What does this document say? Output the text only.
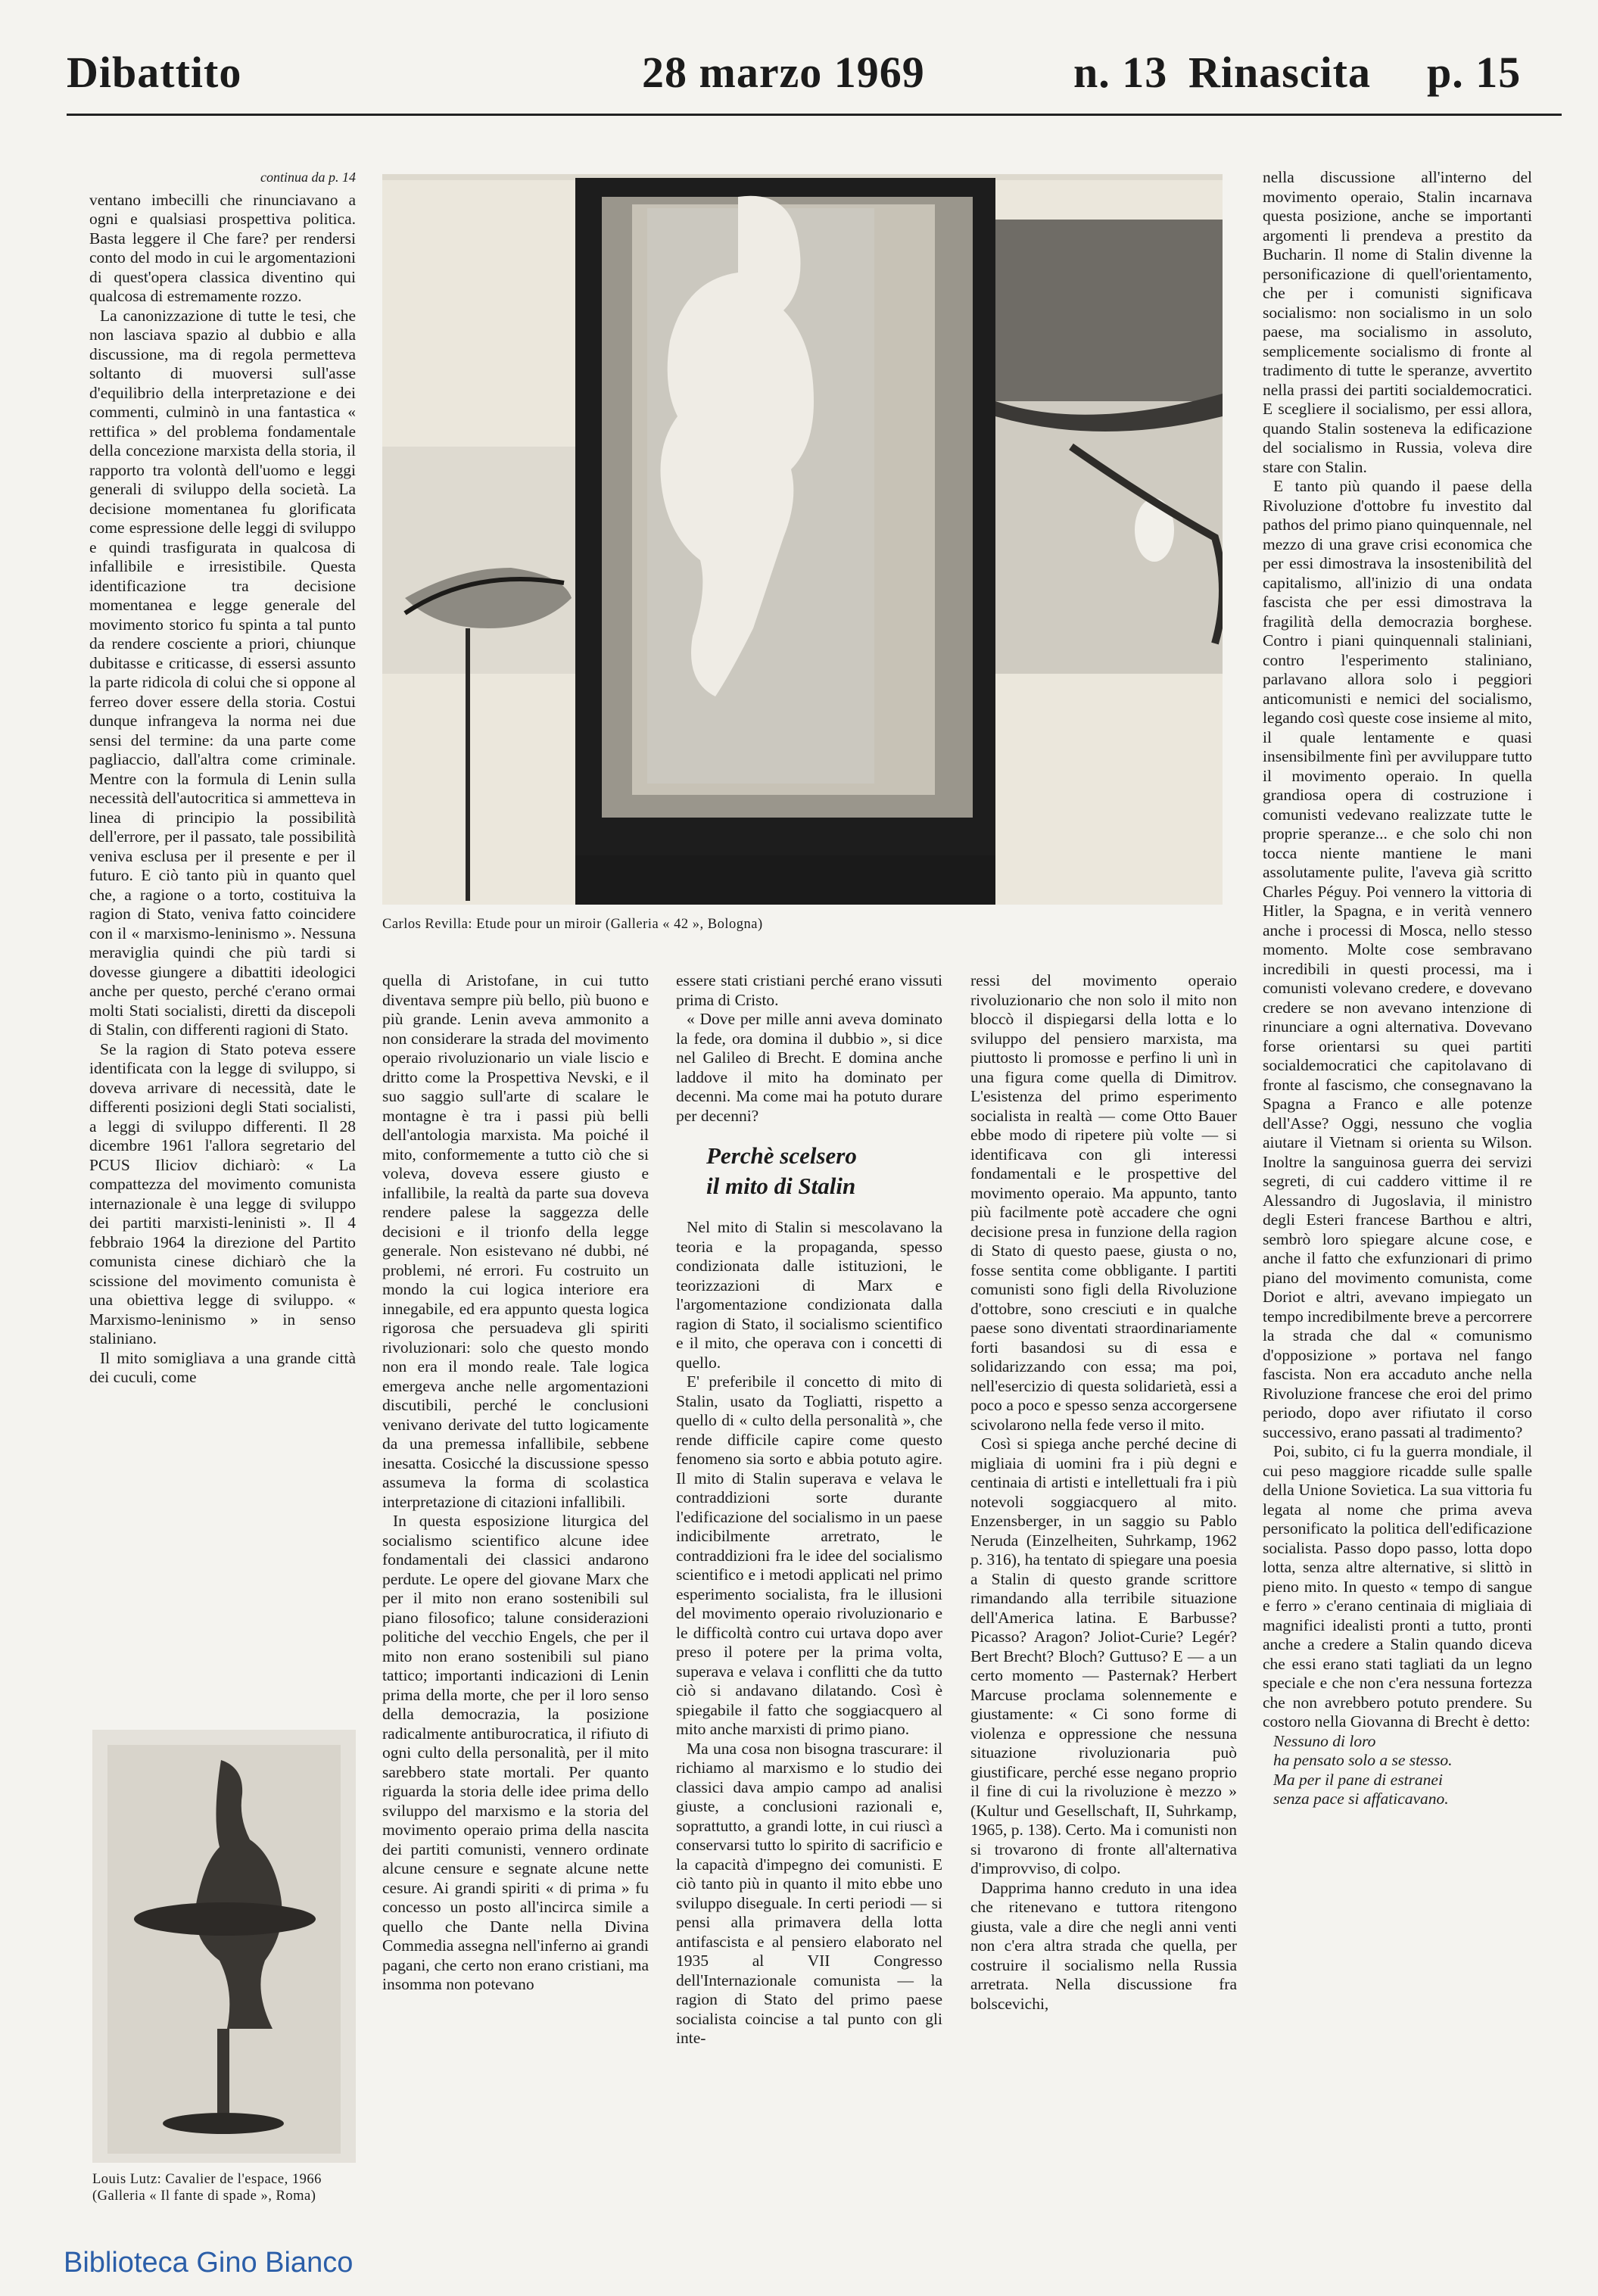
Dibattito	28 marzo 1969	n. 13 Rinascita p. 15
continua da p. 14

ventano imbecilli che rinunciavano a ogni e qualsiasi prospettiva politica. Basta leggere il Che fare? per rendersi conto del modo in cui le argomentazioni di quest'opera classica diventino qui qualcosa di estremamente rozzo.

La canonizzazione di tutte le tesi, che non lasciava spazio al dubbio e alla discussione, ma di regola permetteva soltanto di muoversi sull'asse d'equilibrio della interpretazione e dei commenti, culminò in una fantastica « rettifica » del problema fondamentale della concezione marxista della storia, il rapporto tra volontà dell'uomo e leggi generali di sviluppo della società. La decisione momentanea fu glorificata come espressione delle leggi di sviluppo e quindi trasfigurata in qualcosa di infallibile e irresistibile. Questa identificazione tra decisione momentanea e legge generale del movimento storico fu spinta a tal punto da rendere cosciente a priori, chiunque dubitasse e criticasse, di essersi assunto la parte ridicola di colui che si oppone al ferreo dover essere della storia. Costui dunque infrangeva la norma nei due sensi del termine: da una parte come pagliaccio, dall'altra come criminale. Mentre con la formula di Lenin sulla necessità dell'autocritica si ammetteva in linea di principio la possibilità dell'errore, per il passato, tale possibilità veniva esclusa per il presente e per il futuro. E ciò tanto più in quanto quel che, a ragione o a torto, costituiva la ragion di Stato, veniva fatto coincidere con il « marxismo-leninismo ». Nessuna meraviglia quindi che più tardi si dovesse giungere a dibattiti ideologici anche per questo, perché c'erano ormai molti Stati socialisti, diretti da discepoli di Stalin, con differenti ragioni di Stato.

Se la ragion di Stato poteva essere identificata con la legge di sviluppo, si doveva arrivare di necessità, date le differenti posizioni degli Stati socialisti, a leggi di sviluppo differenti. Il 28 dicembre 1961 l'allora segretario del PCUS Iliciov dichiarò: « La compattezza del movimento comunista internazionale è una legge di sviluppo dei partiti marxisti-leninisti ». Il 4 febbraio 1964 la direzione del Partito comunista cinese dichiarò che la scissione del movimento comunista è una obiettiva legge di sviluppo. « Marxismo-leninismo » in senso staliniano.

Il mito somigliava a una grande città dei cuculi, come

Louis Lutz: Cavalier de l'espace, 1966 (Galleria « Il fante di spade », Roma)
Carlos Revilla: Etude pour un miroir (Galleria « 42 », Bologna)

quella di Aristofane, in cui tutto diventava sempre più bello, più buono e più grande. Lenin aveva ammonito a non considerare la strada del movimento operaio rivoluzionario un viale liscio e dritto come la Prospettiva Nevski, e il suo saggio sull'arte di scalare le montagne è tra i passi più belli dell'antologia marxista. Ma poiché il mito, conformemente a tutto ciò che si voleva, doveva essere giusto e infallibile, la realtà da parte sua doveva rendere palese la saggezza delle decisioni e il trionfo della legge generale. Non esistevano né dubbi, né problemi, né errori. Fu costruito un mondo la cui logica interiore era innegabile, ed era appunto questa logica rigorosa che persuadeva gli spiriti rivoluzionari: solo che questo mondo non era il mondo reale. Tale logica emergeva anche nelle argomentazioni discutibili, perché le conclusioni venivano derivate del tutto logicamente da una premessa infallibile, sebbene inesatta. Cosicché la discussione spesso assumeva la forma di scolastica interpretazione di citazioni infallibili.

In questa esposizione liturgica del socialismo scientifico alcune idee fondamentali dei classici andarono perdute. Le opere del giovane Marx che per il mito non erano sostenibili sul piano filosofico; talune considerazioni politiche del vecchio Engels, che per il mito non erano sostenibili sul piano tattico; importanti indicazioni di Lenin prima della morte, che per il loro senso della democrazia, la posizione radicalmente antiburocratica, il rifiuto di ogni culto della personalità, per il mito sarebbero state mortali. Per quanto riguarda la storia delle idee prima dello sviluppo del marxismo e la storia del movimento operaio prima della nascita dei partiti comunisti, vennero ordinate alcune censure e segnate alcune nette cesure. Ai grandi spiriti « di prima » fu concesso un posto all'incirca simile a quello che Dante nella Divina Commedia assegna nell'inferno ai grandi pagani, che certo non erano cristiani, ma insomma non potevano

essere stati cristiani perché erano vissuti prima di Cristo.

« Dove per mille anni aveva dominato la fede, ora domina il dubbio », si dice nel Galileo di Brecht. E domina anche laddove il mito ha dominato per decenni. Ma come mai ha potuto durare per decenni?

Perchè scelsero
il mito di Stalin

Nel mito di Stalin si mescolavano la teoria e la propaganda, spesso condizionata dalle istituzioni, le teorizzazioni di Marx e l'argomentazione condizionata dalla ragion di Stato, il socialismo scientifico e il mito, che operava con i concetti di quello.

E' preferibile il concetto di mito di Stalin, usato da Togliatti, rispetto a quello di « culto della personalità », che rende difficile capire come questo fenomeno sia sorto e abbia potuto agire. Il mito di Stalin superava e velava le contraddizioni sorte durante l'edificazione del socialismo in un paese indicibilmente arretrato, le contraddizioni fra le idee del socialismo scientifico e i metodi applicati nel primo esperimento socialista, fra le illusioni del movimento operaio rivoluzionario e le difficoltà contro cui urtava dopo aver preso il potere per la prima volta, superava e velava i conflitti che da tutto ciò si andavano dilatando. Così è spiegabile il fatto che soggiacquero al mito anche marxisti di primo piano.

Ma una cosa non bisogna trascurare: il richiamo al marxismo e lo studio dei classici dava ampio campo ad analisi giuste, a conclusioni razionali e, soprattutto, a grandi lotte, in cui riuscì a conservarsi tutto lo spirito di sacrificio e la capacità d'impegno dei comunisti. E ciò tanto più in quanto il mito ebbe uno sviluppo diseguale. In certi periodi — si pensi alla primavera della lotta antifascista e al pensiero elaborato nel 1935 al VII Congresso dell'Internazionale comunista — la ragion di Stato del primo paese socialista coincise a tal punto con gli inte-

ressi del movimento operaio rivoluzionario che non solo il mito non bloccò il dispiegarsi della lotta e lo sviluppo del pensiero marxista, ma piuttosto li promosse e perfino li unì in una figura come quella di Dimitrov. L'esistenza del primo esperimento socialista in realtà — come Otto Bauer ebbe modo di ripetere più volte — si identificava con gli interessi fondamentali e le prospettive del movimento operaio. Ma appunto, tanto più facilmente potè accadere che ogni decisione presa in funzione della ragion di Stato di questo paese, giusta o no, fosse sentita come obbligante. I partiti comunisti sono figli della Rivoluzione d'ottobre, sono cresciuti e in qualche paese sono diventati straordinariamente forti basandosi su di essa e solidarizzando con essa; ma poi, nell'esercizio di questa solidarietà, essi a poco a poco e spesso senza accorgersene scivolarono nella fede verso il mito.

Così si spiega anche perché decine di migliaia di uomini fra i più degni e centinaia di artisti e intellettuali fra i più notevoli soggiacquero al mito. Enzensberger, in un saggio su Pablo Neruda (Einzelheiten, Suhrkamp, 1962 p. 316), ha tentato di spiegare una poesia a Stalin di questo grande scrittore rimandando alla terribile situazione dell'America latina. E Barbusse? Picasso? Aragon? Joliot-Curie? Legér? Bert Brecht? Bloch? Guttuso? E — a un certo momento — Pasternak? Herbert Marcuse proclama solennemente e giustamente: « Ci sono forme di violenza e oppressione che nessuna situazione rivoluzionaria può giustificare, perché esse negano proprio il fine di cui la rivoluzione è mezzo » (Kultur und Gesellschaft, II, Suhrkamp, 1965, p. 138). Certo. Ma i comunisti non si trovarono di fronte all'alternativa d'improvviso, di colpo.

Dapprima hanno creduto in una idea che ritenevano e tuttora ritengono giusta, vale a dire che negli anni venti non c'era altra strada che quella, per costruire il socialismo nella Russia arretrata. Nella discussione fra bolscevichi,

nella discussione all'interno del movimento operaio, Stalin incarnava questa posizione, anche se importanti argomenti li prendeva a prestito da Bucharin. Il nome di Stalin divenne la personificazione di quell'orientamento, che per i comunisti significava socialismo: non socialismo in un solo paese, ma socialismo in assoluto, semplicemente socialismo di fronte al tradimento di tutte le speranze, avvertito nella prassi dei partiti socialdemocratici. E scegliere il socialismo, per essi allora, quando Stalin sosteneva la edificazione del socialismo in Russia, voleva dire stare con Stalin.

E tanto più quando il paese della Rivoluzione d'ottobre fu investito dal pathos del primo piano quinquennale, nel mezzo di una grave crisi economica che per essi dimostrava la insostenibilità del capitalismo, all'inizio di una ondata fascista che per essi dimostrava la fragilità della democrazia borghese. Contro i piani quinquennali staliniani, contro l'esperimento staliniano, parlavano allora solo i peggiori anticomunisti e nemici del socialismo, legando così queste cose insieme al mito, il quale lentamente e quasi insensibilmente finì per avviluppare tutto il movimento operaio. In quella grandiosa opera di costruzione i comunisti vedevano realizzate tutte le proprie speranze... e che solo chi non tocca niente mantiene le mani assolutamente pulite, l'aveva già scritto Charles Péguy. Poi vennero la vittoria di Hitler, la Spagna, e in verità vennero anche i processi di Mosca, nello stesso momento. Molte cose sembravano incredibili in questi processi, ma i comunisti volevano credere, e dovevano credere se non avevano intenzione di rinunciare a ogni alternativa. Dovevano forse orientarsi su quei partiti socialdemocratici che capitolavano di fronte al fascismo, che consegnavano la Spagna a Franco e alle potenze dell'Asse? Oggi, nessuno che voglia aiutare il Vietnam si orienta su Wilson. Inoltre la sanguinosa guerra dei servizi segreti, di cui caddero vittime il re Alessandro di Jugoslavia, il ministro degli Esteri francese Barthou e altri, sembrò loro spiegare alcune cose, e anche il fatto che exfunzionari di primo piano del movimento comunista, come Doriot e altri, avevano impiegato un tempo incredibilmente breve a percorrere la strada che dal « comunismo d'opposizione » portava nel fango fascista. Non era accaduto anche nella Rivoluzione francese che eroi del primo periodo, dopo aver rifiutato il corso successivo, erano passati al tradimento?

Poi, subito, ci fu la guerra mondiale, il cui peso maggiore ricadde sulle spalle della Unione Sovietica. La sua vittoria fu legata al nome che prima aveva personificato la politica dell'edificazione socialista. Passo dopo passo, lotta dopo lotta, senza altre alternative, si slittò in pieno mito. In questo « tempo di sangue e ferro » c'erano centinaia di migliaia di magnifici idealisti pronti a tutto, pronti anche a credere a Stalin quando diceva che essi erano stati tagliati da un legno speciale e che non c'era nessuna fortezza che non avrebbero potuto prendere. Su costoro nella Giovanna di Brecht è detto:

Nessuno di loro
ha pensato solo a se stesso.
Ma per il pane di estranei
senza pace si affaticavano.

Biblioteca Gino Bianco
